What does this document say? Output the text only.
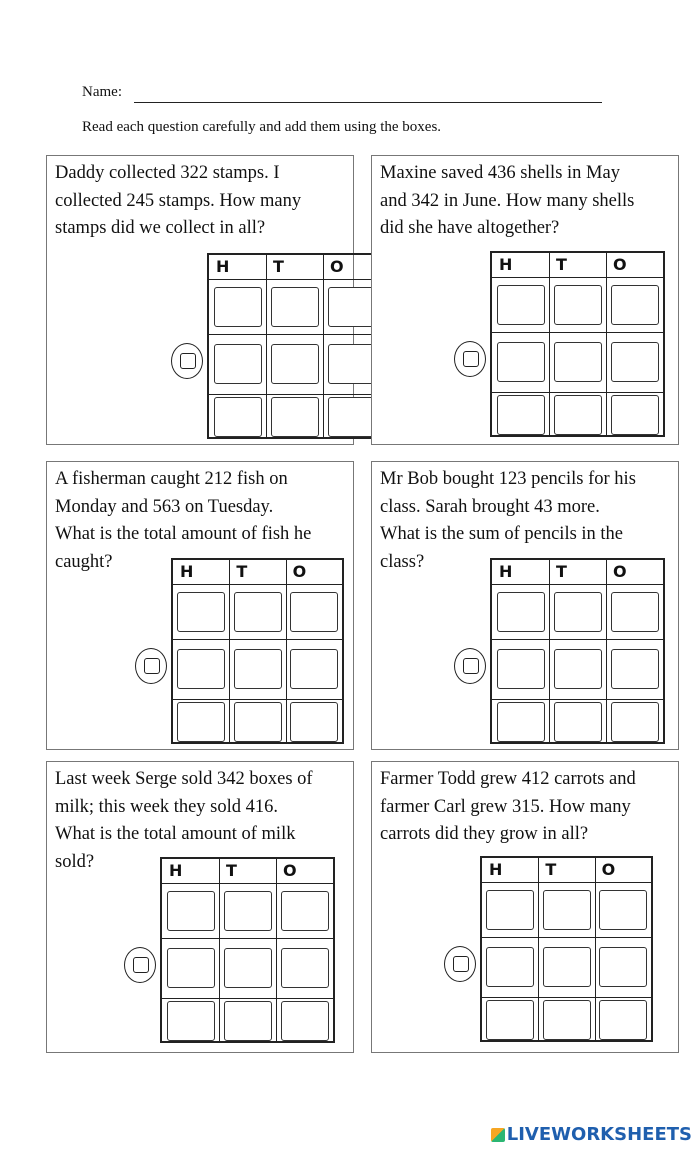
Name:
Read each question carefully and add them using the boxes.
Daddy collected 322 stamps. I
collected 245 stamps. How many
stamps did we collect in all?
H	T	O
Maxine saved 436 shells in May
and 342 in June. How many shells
did she have altogether?
H	T	O
A fisherman caught 212 fish on
Monday and 563 on Tuesday.
What is the total amount of fish he
caught?	H	T	O
Mr Bob bought 123 pencils for his
class. Sarah brought 43 more.
What is the sum of pencils in the
class?	H	T	O
Last week Serge sold 342 boxes of
milk; this week they sold 416.
What is the total amount of milk
sold?	H	T	O
Farmer Todd grew 412 carrots and
farmer Carl grew 315. How many
carrots did they grow in all?
H	T	O
LIVEWORKSHEETS
